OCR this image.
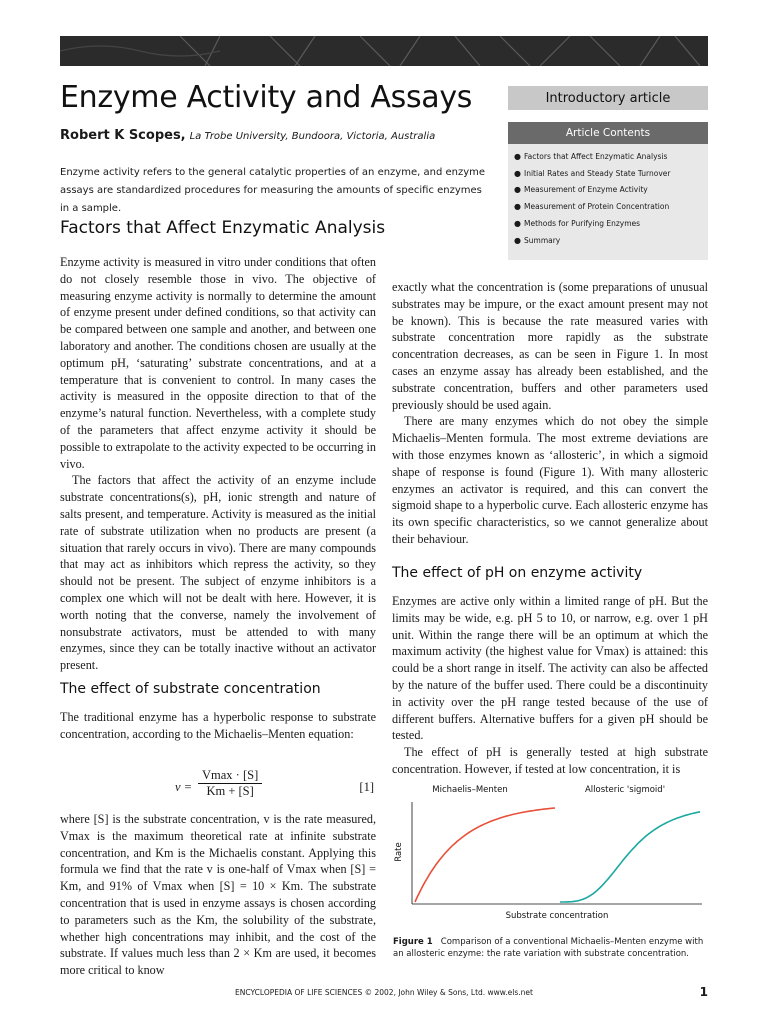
Enzyme Activity and Assays
Robert K Scopes, La Trobe University, Bundoora, Victoria, Australia

Enzyme activity refers to the general catalytic properties of an enzyme, and enzyme assays are standardized procedures for measuring the amounts of specific enzymes in a sample.

Introductory article
Article Contents
● Factors that Affect Enzymatic Analysis
● Initial Rates and Steady State Turnover
● Measurement of Enzyme Activity
● Measurement of Protein Concentration
● Methods for Purifying Enzymes
● Summary
Factors that Affect Enzymatic Analysis

Enzyme activity is measured in vitro under conditions that often do not closely resemble those in vivo. The objective of measuring enzyme activity is normally to determine the amount of enzyme present under defined conditions, so that activity can be compared between one sample and another, and between one laboratory and another. The conditions chosen are usually at the optimum pH, ‘saturating’ substrate concentrations, and at a temperature that is convenient to control. In many cases the activity is measured in the opposite direction to that of the enzyme’s natural function. Nevertheless, with a complete study of the parameters that affect enzyme activity it should be possible to extrapolate to the activity expected to be occurring in vivo.

The factors that affect the activity of an enzyme include substrate concentrations(s), pH, ionic strength and nature of salts present, and temperature. Activity is measured as the initial rate of substrate utilization when no products are present (a situation that rarely occurs in vivo). There are many compounds that may act as inhibitors which repress the activity, so they should not be present. The subject of enzyme inhibitors is a complex one which will not be dealt with here. However, it is worth noting that the converse, namely the involvement of nonsubstrate activators, must be attended to with many enzymes, since they can be totally inactive without an activator present.

The effect of substrate concentration

The traditional enzyme has a hyperbolic response to substrate concentration, according to the Michaelis–Menten equation:

v =
Vmax · [S]
Km + [S]	[1]

where [S] is the substrate concentration, v is the rate measured, Vmax is the maximum theoretical rate at infinite substrate concentration, and Km is the Michaelis constant. Applying this formula we find that the rate v is one-half of Vmax when [S] = Km, and 91% of Vmax when [S] = 10 × Km. The substrate concentration that is used in enzyme assays is chosen according to parameters such as the Km, the solubility of the substrate, whether high concentrations may inhibit, and the cost of the substrate. If values much less than 2 × Km are used, it becomes more critical to know

exactly what the concentration is (some preparations of unusual substrates may be impure, or the exact amount present may not be known). This is because the rate measured varies with substrate concentration more rapidly as the substrate concentration decreases, as can be seen in Figure 1. In most cases an enzyme assay has already been established, and the substrate concentration, buffers and other parameters used previously should be used again.

There are many enzymes which do not obey the simple Michaelis–Menten formula. The most extreme deviations are with those enzymes known as ‘allosteric’, in which a sigmoid shape of response is found (Figure 1). With many allosteric enzymes an activator is required, and this can convert the sigmoid shape to a hyperbolic curve. Each allosteric enzyme has its own specific characteristics, so we cannot generalize about their behaviour.

The effect of pH on enzyme activity

Enzymes are active only within a limited range of pH. But the limits may be wide, e.g. pH 5 to 10, or narrow, e.g. over 1 pH unit. Within the range there will be an optimum at which the maximum activity (the highest value for Vmax) is attained: this could be a short range in itself. The activity can also be affected by the nature of the buffer used. There could be a discontinuity in activity over the pH range tested because of the use of different buffers. Alternative buffers for a given pH should be tested.

The effect of pH is generally tested at high substrate concentration. However, if tested at low concentration, it is

Michaelis–Menten	Allosteric 'sigmoid'
Rate
Substrate concentration

Figure 1 Comparison of a conventional Michaelis–Menten enzyme with an allosteric enzyme: the rate variation with substrate concentration.

ENCYCLOPEDIA OF LIFE SCIENCES © 2002, John Wiley & Sons, Ltd. www.els.net	1
